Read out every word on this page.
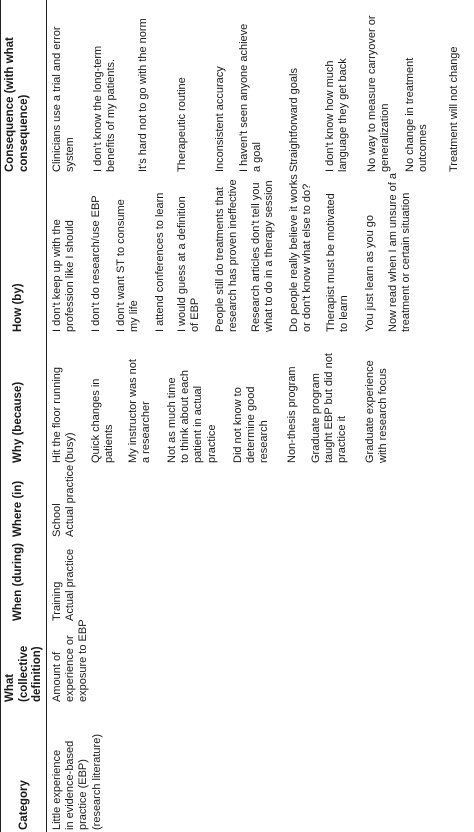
Category
What (collective definition)
When (during)
Where (in)
Why (because)
How (by)
Consequence (with what consequence)
Little experience in evidence-based practice (EBP) (research literature)
Amount of experience or exposure to EBP
Training Actual practice
School Actual practice
Hit the floor running (busy) Quick changes in patients My instructor was not a researcher Not as much time to think about each patient in actual practice Did not know to determine good research Non-thesis program Graduate program taught EBP but did not practice it Graduate experience with research focus
I don't keep up with the profession like I should I don't do research/use EBP I don't want ST to consume my life I attend conferences to learn I would guess at a definition of EBP People still do treatments that research has proven ineffective Research articles don't tell you what to do in a therapy session Do people really believe it works or don't know what else to do? Therapist must be motivated to learn You just learn as you go Now read when I am unsure of a treatment or certain situation
Clinicians use a trial and error system I don't know the long-term benefits of my patients. It's hard not to go with the norm Therapeutic routine Inconsistent accuracy I haven't seen anyone achieve a goal Straightforward goals I don't know how much language they get back No way to measure carryover or generalization No change in treatment outcomes Treatment will not change
